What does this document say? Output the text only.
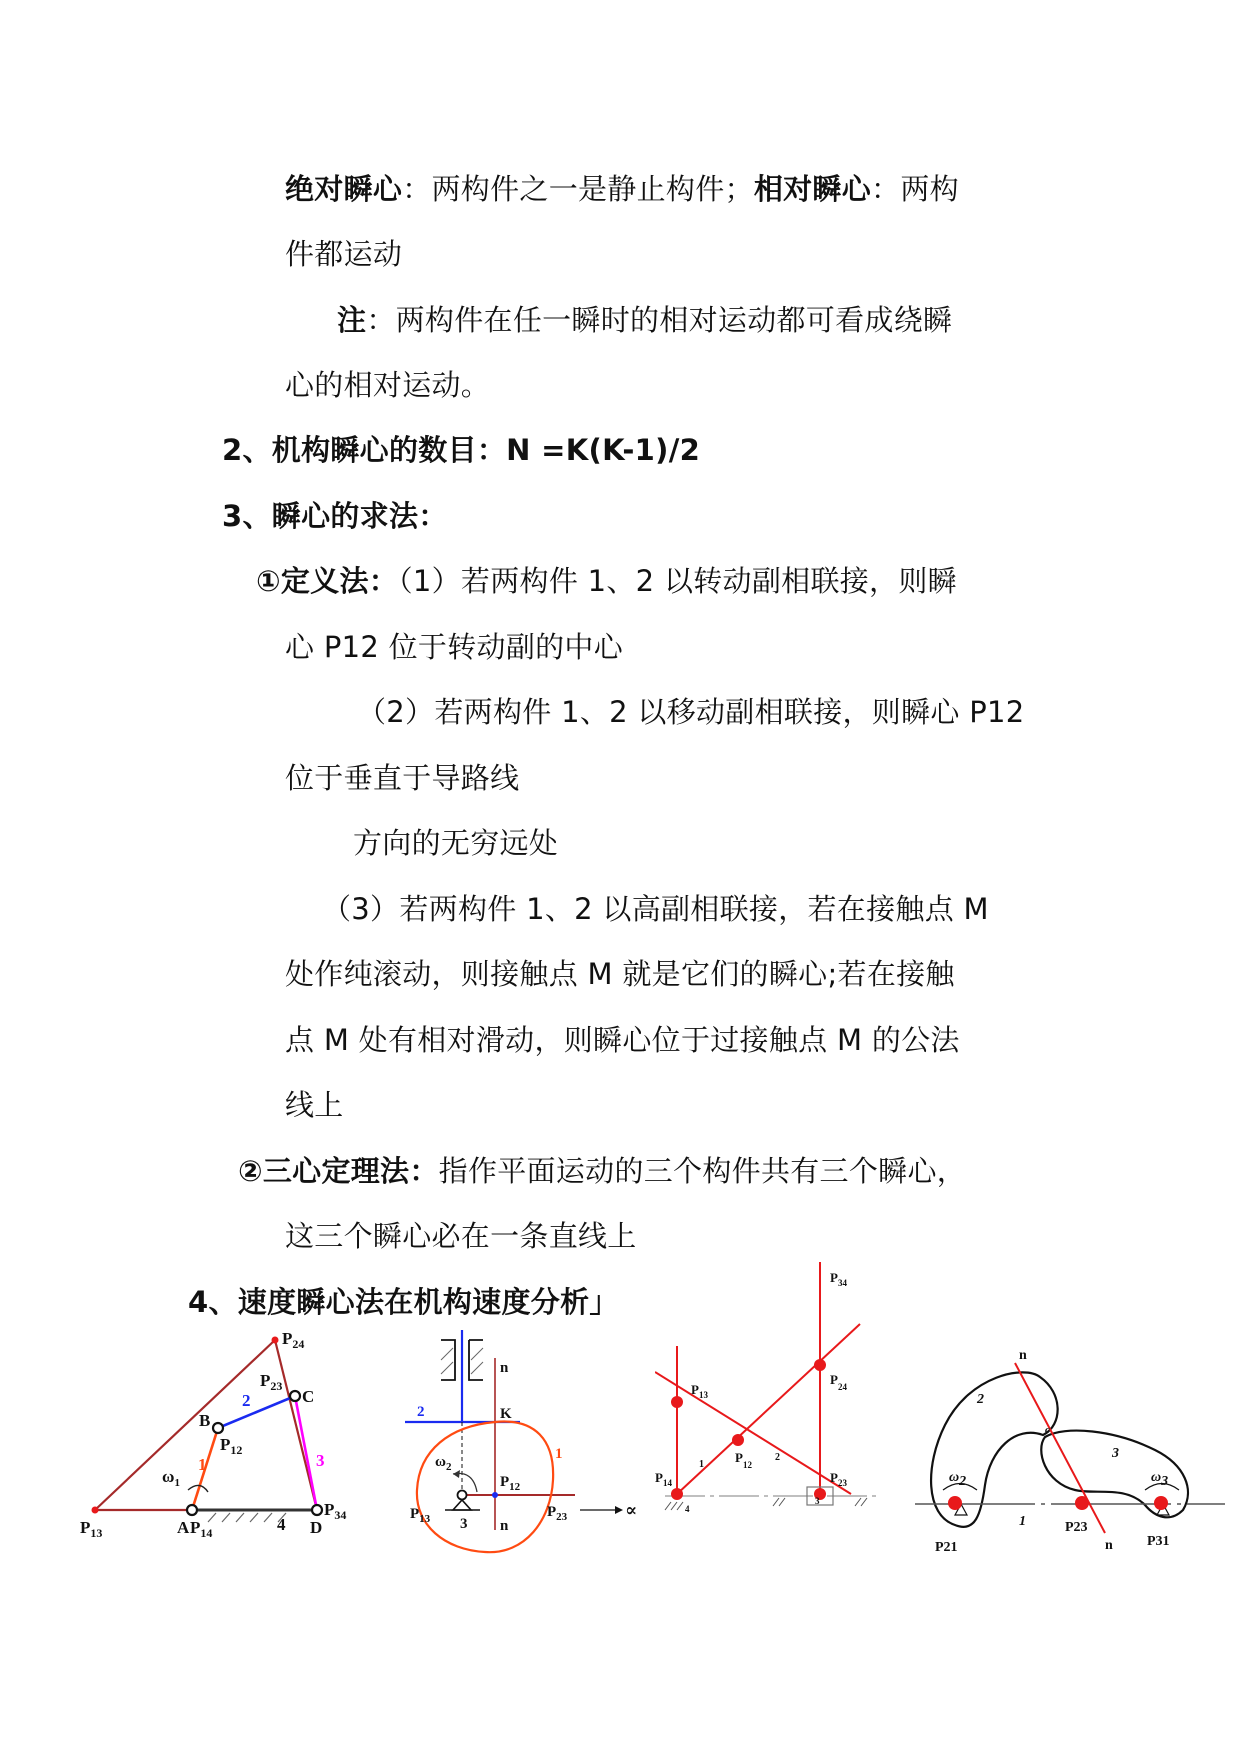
绝对瞬心：两构件之一是静止构件；相对瞬心：两构
件都运动
注：两构件在任一瞬时的相对运动都可看成绕瞬
心的相对运动。
2、机构瞬心的数目：N =K(K-1)/2
3、瞬心的求法：
①定义法：（1）若两构件 1、2 以转动副相联接，则瞬
心 P12 位于转动副的中心
（2）若两构件 1、2 以移动副相联接，则瞬心 P12
位于垂直于导路线
方向的无穷远处
（3）若两构件 1、2 以高副相联接，若在接触点 M
处作纯滚动，则接触点 M 就是它们的瞬心;若在接触
点 M 处有相对滑动，则瞬心位于过接触点 M 的公法
线上
②三心定理法：指作平面运动的三个构件共有三个瞬心，
这三个瞬心必在一条直线上
4、速度瞬心法在机构速度分析」
$P_{24}$
$P_{23}$
C
B
$P_{12}$
2
3
1
$\omega_1$
$P_{13}$	A $P_{14}$	4 D
$P_{34}$
n
K
2
1
$\omega_2$
$P_{12}$
$P_{13}$ 3 n
$P_{23}$	∝
$P_{34}$
$P_{24}$
$P_{13}$
$P_{12}$
$P_{14}$	$P_{23}$
1
2
3
4
n
2
3
1
c
ω2	ω3
n
P21
P23
P31
